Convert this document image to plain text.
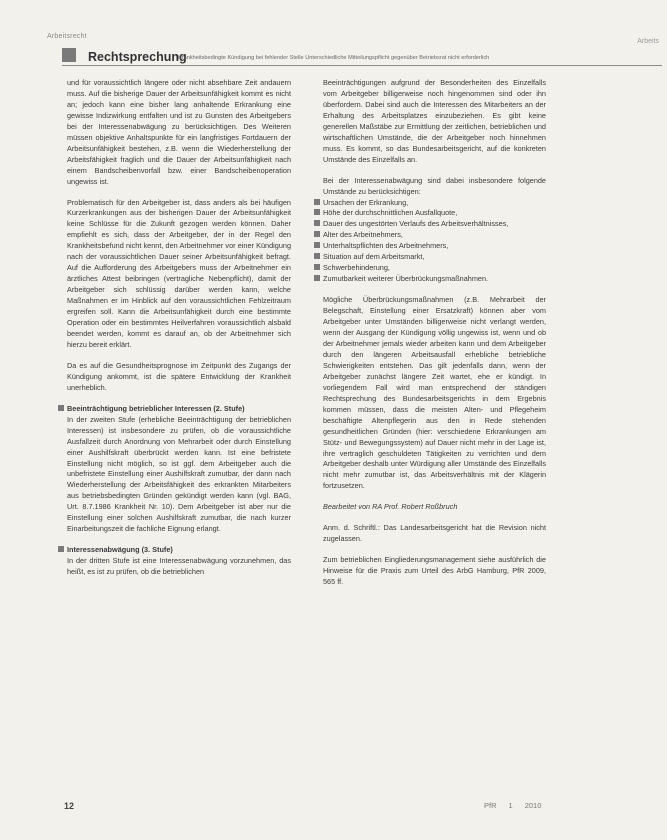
Arbeitsrecht
Arbeits
Rechtsprechung
Krankheitsbedingte Kündigung bei fehlender Stelle Unterschiedliche Mitteilungspflicht gegenüber Betriebsrat nicht erforderlich

und für voraussichtlich längere oder nicht absehbare Zeit andauern muss. Auf die bisherige Dauer der Arbeitsunfähigkeit kommt es nicht an; jedoch kann eine bisher lang anhaltende Erkrankung eine gewisse Indizwirkung entfalten und ist zu Gunsten des Arbeitgebers bei der Interessenabwägung zu berücksichtigen. Des Weiteren müssen objektive Anhaltspunkte für ein langfristiges Fortdauern der Arbeitsunfähigkeit bestehen, z.B. wenn die Wiederherstellung der Arbeitsfähigkeit fraglich und die Dauer der Arbeitsunfähigkeit nach einem Bandscheibenvorfall bzw. einer Bandscheibenoperation ungewiss ist.

Problematisch für den Arbeitgeber ist, dass anders als bei häufigen Kurzerkrankungen aus der bisherigen Dauer der Arbeitsunfähigkeit keine Schlüsse für die Zukunft gezogen werden können. Daher empfiehlt es sich, dass der Arbeitgeber, der in der Regel den Krankheitsbefund nicht kennt, den Arbeitnehmer vor einer Kündigung nach der voraussichtlichen Dauer seiner Arbeitsunfähigkeit befragt. Auf die Aufforderung des Arbeitgebers muss der Arbeitnehmer ein ärztliches Attest beibringen (vertragliche Nebenpflicht), damit der Arbeitgeber sich schlüssig darüber werden kann, welche Maßnahmen er im Hinblick auf den voraussichtlichen Fehlzeitraum ergreifen soll. Kann die Arbeitsunfähigkeit durch eine bestimmte Operation oder ein bestimmtes Heilverfahren voraussichtlich alsbald beendet werden, kommt es darauf an, ob der Arbeitnehmer sich hierzu bereit erklärt.

Da es auf die Gesundheitsprognose im Zeitpunkt des Zugangs der Kündigung ankommt, ist die spätere Entwicklung der Krankheit unerheblich.

Beeinträchtigung betrieblicher Interessen (2. Stufe)
In der zweiten Stufe (erhebliche Beeinträchtigung der betrieblichen Interessen) ist insbesondere zu prüfen, ob die voraussichtliche Ausfallzeit durch Anordnung von Mehrarbeit oder durch Einstellung einer Aushilfskraft überbrückt werden kann. Ist eine befristete Einstellung nicht möglich, so ist ggf. dem Arbeitgeber auch die unbefristete Einstellung einer Aushilfskraft zumutbar, der dann nach Wiederherstellung der Arbeitsfähigkeit des erkrankten Mitarbeiters aus betriebsbedingten Gründen gekündigt werden kann (vgl. BAG, Urt. 8.7.1986 Krankheit Nr. 10). Dem Arbeitgeber ist aber nur die Einstellung einer solchen Aushilfskraft zumutbar, die nach kurzer Einarbeitungszeit die fachliche Eignung erlangt.

Interessenabwägung (3. Stufe)
In der dritten Stufe ist eine Interessenabwägung vorzunehmen, das heißt, es ist zu prüfen, ob die betrieblichen

Beeinträchtigungen aufgrund der Besonderheiten des Einzelfalls vom Arbeitgeber billigerweise noch hingenommen sind oder ihn überfordern. Dabei sind auch die Interessen des Mitarbeiters an der Erhaltung des Arbeitsplatzes einzubeziehen. Es gibt keine generellen Maßstäbe zur Ermittlung der zeitlichen, betrieblichen und wirtschaftlichen Umstände, die der Arbeitgeber noch hinnehmen muss. Es kommt, so das Bundesarbeitsgericht, auf die konkreten Umstände des Einzelfalls an.

Bei der Interessenabwägung sind dabei insbesondere folgende Umstände zu berücksichtigen:

Ursachen der Erkrankung,
Höhe der durchschnittlichen Ausfallquote,
Dauer des ungestörten Verlaufs des Arbeitsverhältnisses,
Alter des Arbeitnehmers,
Unterhaltspflichten des Arbeitnehmers,
Situation auf dem Arbeitsmarkt,
Schwerbehinderung,
Zumutbarkeit weiterer Überbrückungsmaßnahmen.

Mögliche Überbrückungsmaßnahmen (z.B. Mehrarbeit der Belegschaft, Einstellung einer Ersatzkraft) können aber vom Arbeitgeber unter Umständen billigerweise nicht verlangt werden, wenn der Ausgang der Kündigung völlig ungewiss ist, wenn und ob der Arbeitnehmer jemals wieder arbeiten kann und dem Arbeitgeber durch den längeren Arbeitsausfall erhebliche betriebliche Schwierigkeiten entstehen. Das gilt jedenfalls dann, wenn der Arbeitgeber zunächst längere Zeit wartet, ehe er kündigt. In vorliegendem Fall wird man entsprechend der ständigen Rechtsprechung des Bundesarbeitsgerichts in dem Ergebnis kommen müssen, dass die meisten Alten- und Pflegeheim beschäftigte Altenpflegerin aus den in Rede stehenden gesundheitlichen Gründen (hier: verschiedene Erkrankungen am Stütz- und Bewegungssystem) auf Dauer nicht mehr in der Lage ist, ihre vertraglich geschuldeten Tätigkeiten zu verrichten und dem Arbeitgeber deshalb unter Würdigung aller Umstände des Einzelfalls nicht mehr zumutbar ist, das Arbeitsverhältnis mit der Klägerin fortzusetzen.

Bearbeitet von RA Prof. Robert Roßbruch

Anm. d. Schriftl.: Das Landesarbeitsgericht hat die Revision nicht zugelassen.

Zum betrieblichen Eingliederungsmanagement siehe ausführlich die Hinweise für die Praxis zum Urteil des ArbG Hamburg, PfR 2009, 565 ff.

12	PfR 1 2010
